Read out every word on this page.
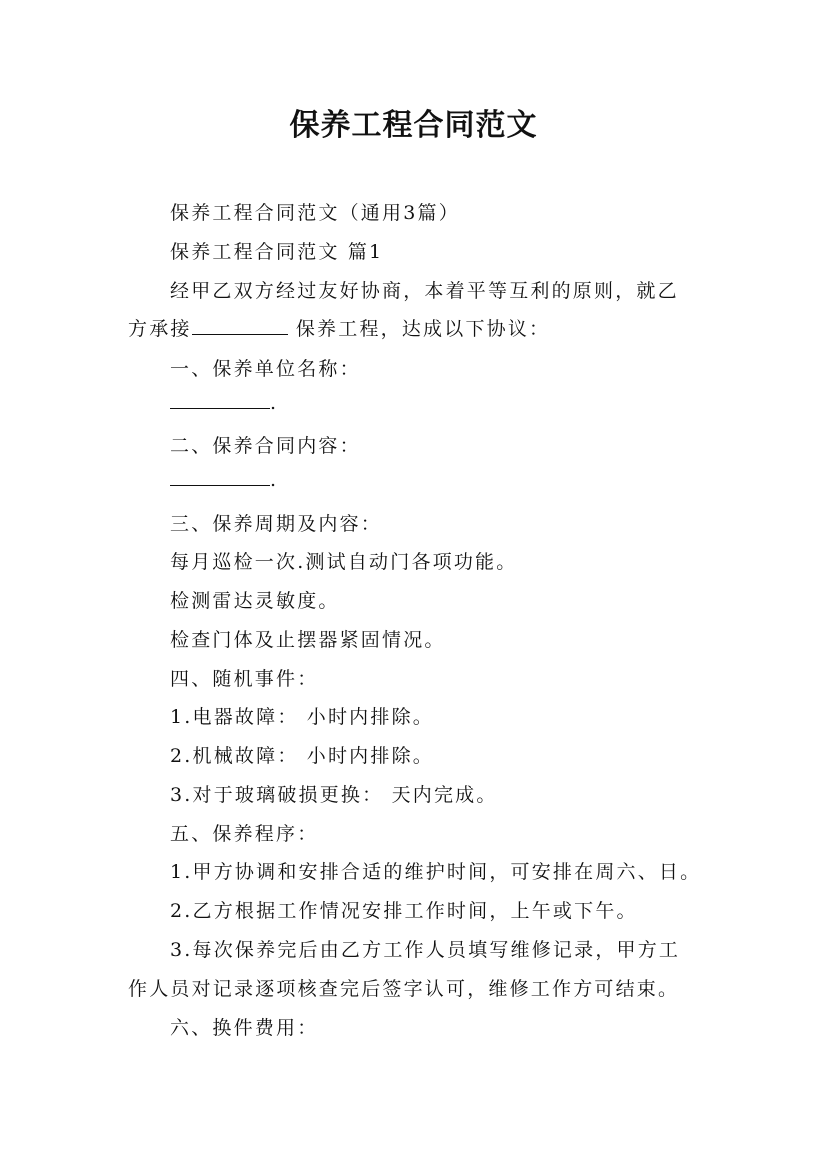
保养工程合同范文

保养工程合同范文（通用3篇）

保养工程合同范文 篇1

经甲乙双方经过友好协商，本着平等互利的原则，就乙

方承接	保养工程，达成以下协议：

一、保养单位名称：

.

二、保养合同内容：

.

三、保养周期及内容：

每月巡检一次.测试自动门各项功能。

检测雷达灵敏度。

检查门体及止摆器紧固情况。

四、随机事件：

1.电器故障： 小时内排除。

2.机械故障： 小时内排除。

3.对于玻璃破损更换： 天内完成。

五、保养程序：

1.甲方协调和安排合适的维护时间，可安排在周六、日。

2.乙方根据工作情况安排工作时间，上午或下午。

3.每次保养完后由乙方工作人员填写维修记录，甲方工

作人员对记录逐项核查完后签字认可，维修工作方可结束。

六、换件费用：
